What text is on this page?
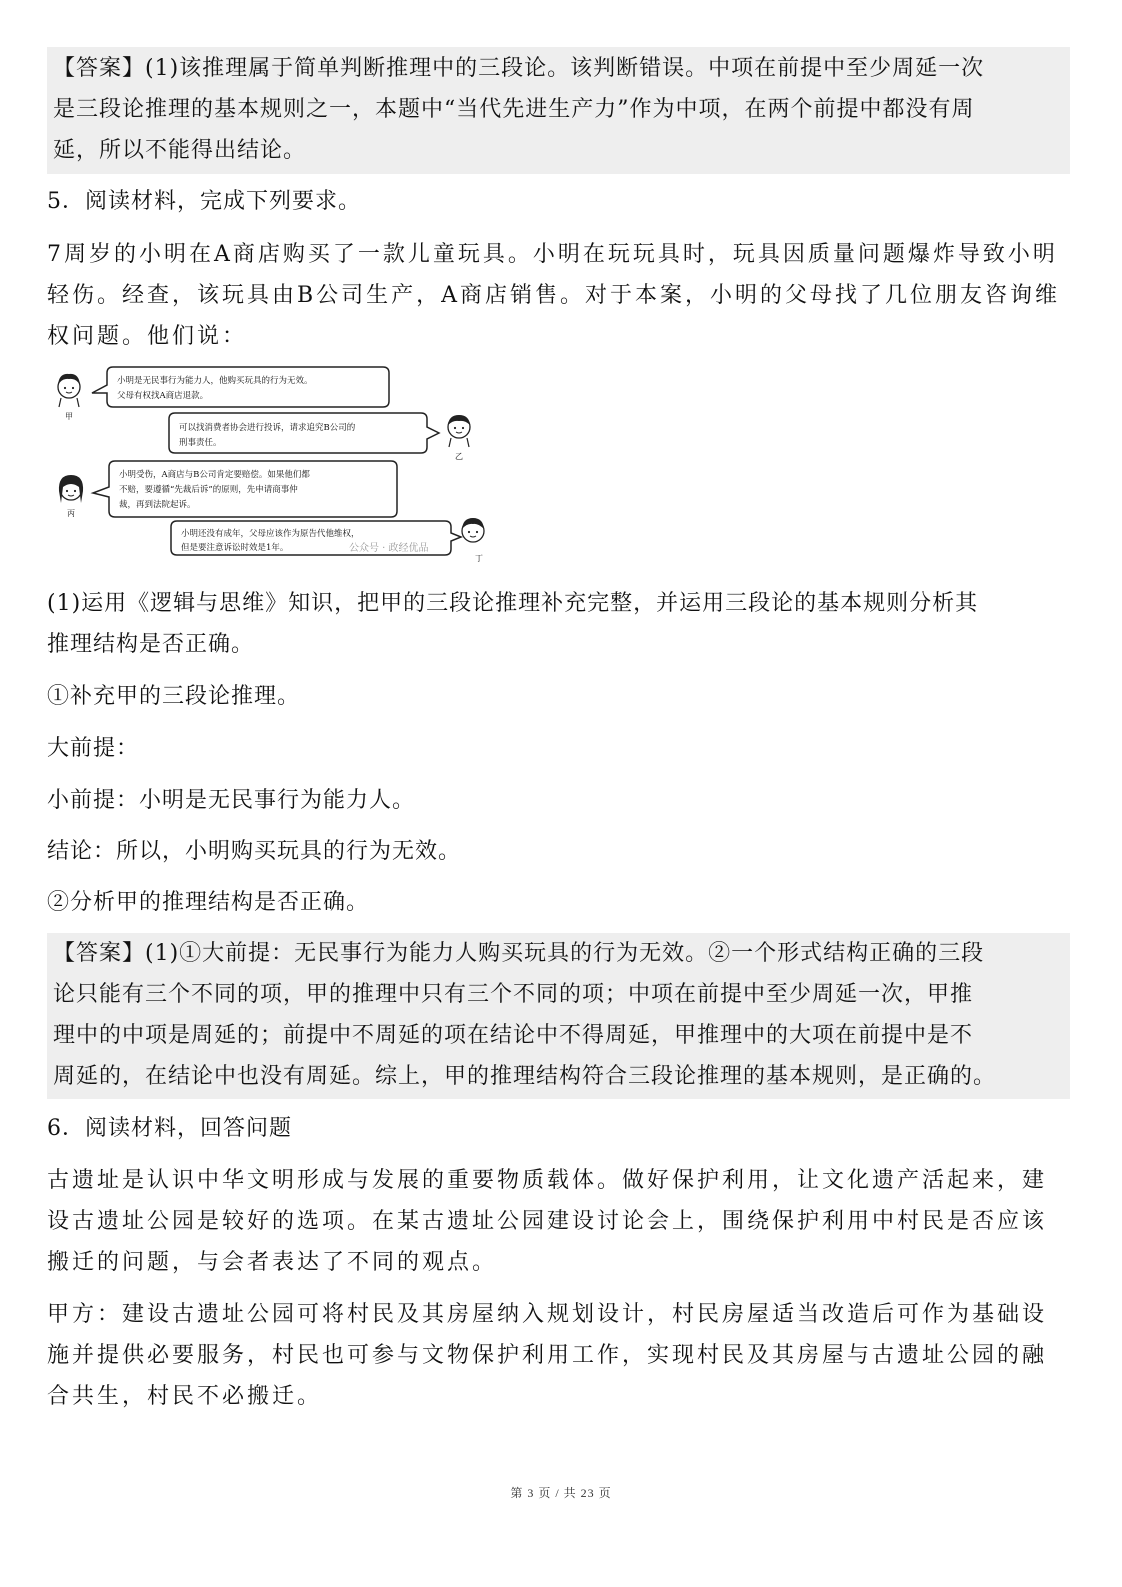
【答案】(1)该推理属于简单判断推理中的三段论。该判断错误。中项在前提中至少周延一次
是三段论推理的基本规则之一，本题中“当代先进生产力”作为中项，在两个前提中都没有周
延，所以不能得出结论。

5．阅读材料，完成下列要求。

7周岁的小明在A商店购买了一款儿童玩具。小明在玩玩具时，玩具因质量问题爆炸导致小明
轻伤。经查，该玩具由B公司生产，A商店销售。对于本案，小明的父母找了几位朋友咨询维
权问题。他们说：
甲
小明是无民事行为能力人，他购买玩具的行为无效。
父母有权找A商店退款。
可以找消费者协会进行投诉，请求追究B公司的
刑事责任。
乙
丙
小明受伤，A商店与B公司肯定要赔偿。如果他们都
不赔，要遵循“先裁后诉”的原则，先申请商事仲
裁，再到法院起诉。
小明还没有成年，父母应该作为原告代他维权，
但是要注意诉讼时效是1年。	公众号 · 政经优品
丁
(1)运用《逻辑与思维》知识，把甲的三段论推理补充完整，并运用三段论的基本规则分析其
推理结构是否正确。

①补充甲的三段论推理。

大前提：

小前提：小明是无民事行为能力人。

结论：所以，小明购买玩具的行为无效。

②分析甲的推理结构是否正确。

【答案】(1)①大前提：无民事行为能力人购买玩具的行为无效。②一个形式结构正确的三段
论只能有三个不同的项，甲的推理中只有三个不同的项；中项在前提中至少周延一次，甲推
理中的中项是周延的；前提中不周延的项在结论中不得周延，甲推理中的大项在前提中是不
周延的，在结论中也没有周延。综上，甲的推理结构符合三段论推理的基本规则，是正确的。

6．阅读材料，回答问题

古遗址是认识中华文明形成与发展的重要物质载体。做好保护利用，让文化遗产活起来，建
设古遗址公园是较好的选项。在某古遗址公园建设讨论会上，围绕保护利用中村民是否应该
搬迁的问题，与会者表达了不同的观点。
甲方：建设古遗址公园可将村民及其房屋纳入规划设计，村民房屋适当改造后可作为基础设
施并提供必要服务，村民也可参与文物保护利用工作，实现村民及其房屋与古遗址公园的融
合共生，村民不必搬迁。
第 3 页 / 共 23 页
